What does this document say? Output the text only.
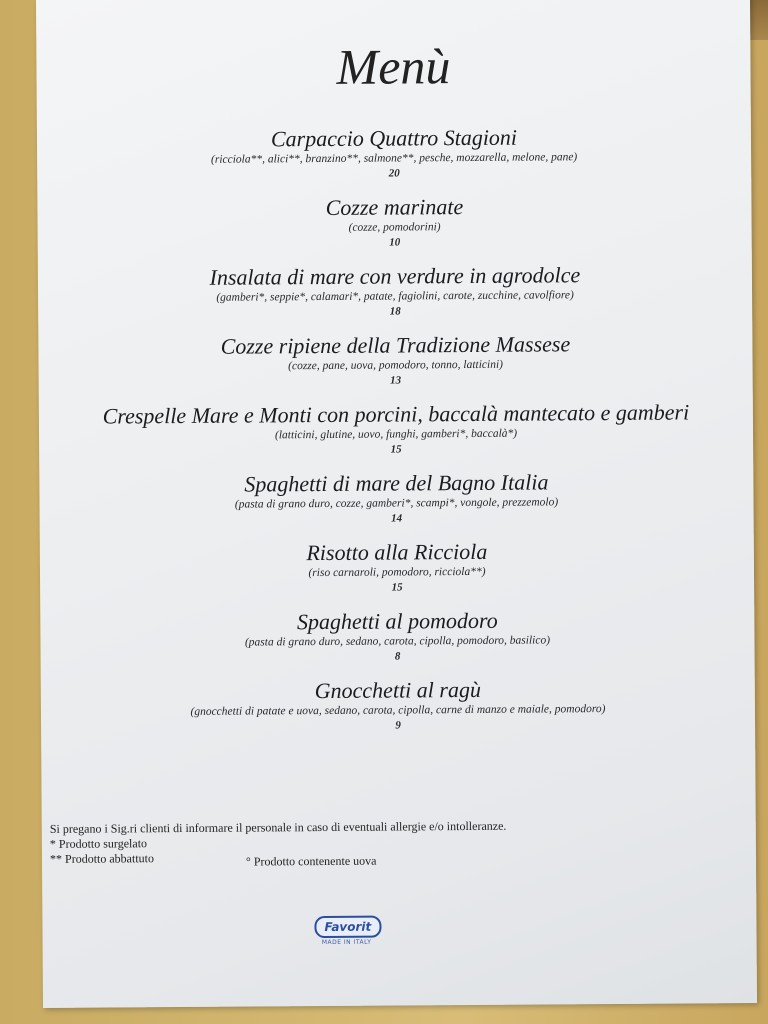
Menù
Carpaccio Quattro Stagioni
(ricciola**, alici**, branzino**, salmone**, pesche, mozzarella, melone, pane)
20
Cozze marinate
(cozze, pomodorini)
10
Insalata di mare con verdure in agrodolce
(gamberi*, seppie*, calamari*, patate, fagiolini, carote, zucchine, cavolfiore)
18
Cozze ripiene della Tradizione Massese
(cozze, pane, uova, pomodoro, tonno, latticini)
13
Crespelle Mare e Monti con porcini, baccalà mantecato e gamberi
(latticini, glutine, uovo, funghi, gamberi*, baccalà*)
15
Spaghetti di mare del Bagno Italia
(pasta di grano duro, cozze, gamberi*, scampi*, vongole, prezzemolo)
14
Risotto alla Ricciola
(riso carnaroli, pomodoro, ricciola**)
15
Spaghetti al pomodoro
(pasta di grano duro, sedano, carota, cipolla, pomodoro, basilico)
8
Gnocchetti al ragù
(gnocchetti di patate e uova, sedano, carota, cipolla, carne di manzo e maiale, pomodoro)
9
Si pregano i Sig.ri clienti di informare il personale in caso di eventuali allergie e/o intolleranze.
* Prodotto surgelato
** Prodotto abbattuto	° Prodotto contenente uova
Favorit
MADE IN ITALY
